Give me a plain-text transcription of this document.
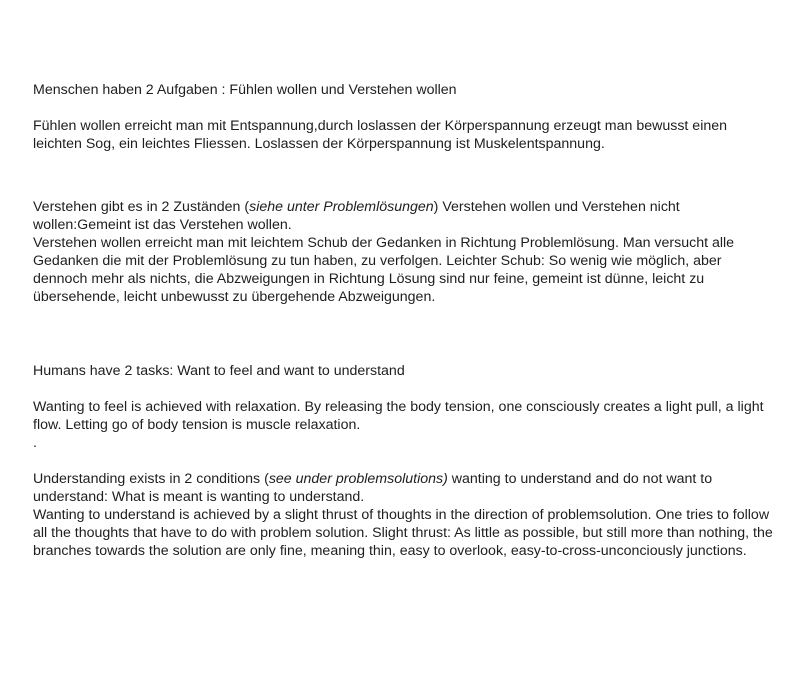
Menschen haben 2 Aufgaben : Fühlen wollen und Verstehen wollen

Fühlen wollen erreicht man mit Entspannung,durch loslassen der Körperspannung erzeugt man bewusst einen leichten Sog, ein leichtes Fliessen. Loslassen der Körperspannung ist Muskelentspannung.

Verstehen gibt es in 2 Zuständen (siehe unter Problemlösungen) Verstehen wollen und Verstehen nicht wollen:Gemeint ist das Verstehen wollen.

Verstehen wollen erreicht man mit leichtem Schub der Gedanken in Richtung Problemlösung. Man versucht alle Gedanken die mit der Problemlösung zu tun haben, zu verfolgen. Leichter Schub: So wenig wie möglich, aber dennoch mehr als nichts, die Abzweigungen in Richtung Lösung sind nur feine, gemeint ist dünne, leicht zu übersehende, leicht unbewusst zu übergehende Abzweigungen.

Humans have 2 tasks: Want to feel and want to understand

Wanting to feel is achieved with relaxation. By releasing the body tension, one consciously creates a light pull, a light flow. Letting go of body tension is muscle relaxation.

.

Understanding exists in 2 conditions (see under problemsolutions) wanting to understand and do not want to understand: What is meant is wanting to understand.

Wanting to understand is achieved by a slight thrust of thoughts in the direction of problemsolution. One tries to follow all the thoughts that have to do with problem solution. Slight thrust: As little as possible, but still more than nothing, the branches towards the solution are only fine, meaning thin, easy to overlook, easy-to-cross-unconciously junctions.
